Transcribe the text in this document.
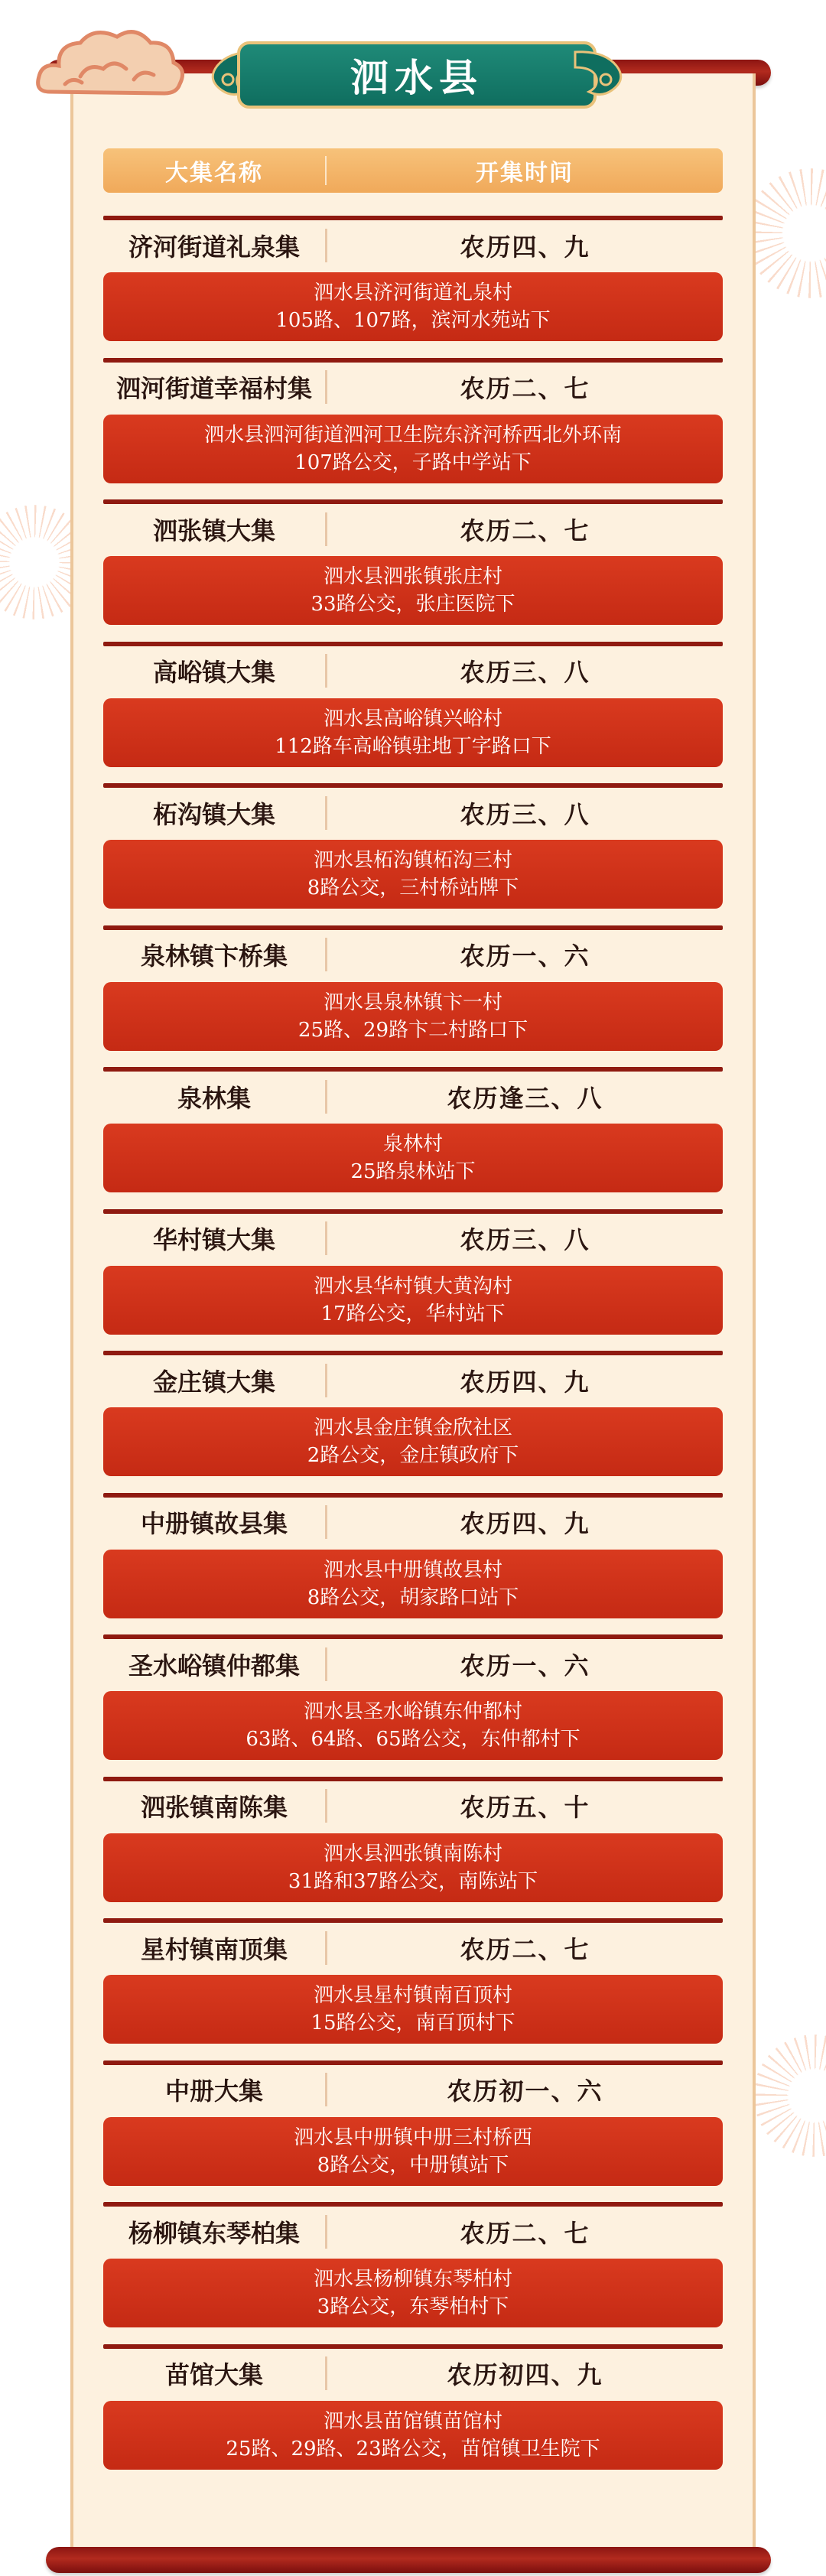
泗水县
大集名称	开集时间
济河街道礼泉集	农历四、九
泗水县济河街道礼泉村
105路、107路，滨河水苑站下
泗河街道幸福村集	农历二、七
泗水县泗河街道泗河卫生院东济河桥西北外环南
107路公交，子路中学站下
泗张镇大集	农历二、七
泗水县泗张镇张庄村
33路公交，张庄医院下
高峪镇大集	农历三、八
泗水县高峪镇兴峪村
112路车高峪镇驻地丁字路口下
柘沟镇大集	农历三、八
泗水县柘沟镇柘沟三村
8路公交，三村桥站牌下
泉林镇卞桥集	农历一、六
泗水县泉林镇卞一村
25路、29路卞二村路口下
泉林集	农历逢三、八
泉林村
25路泉林站下
华村镇大集	农历三、八
泗水县华村镇大黄沟村
17路公交，华村站下
金庄镇大集	农历四、九
泗水县金庄镇金欣社区
2路公交，金庄镇政府下
中册镇故县集	农历四、九
泗水县中册镇故县村
8路公交，胡家路口站下
圣水峪镇仲都集	农历一、六
泗水县圣水峪镇东仲都村
63路、64路、65路公交，东仲都村下
泗张镇南陈集	农历五、十
泗水县泗张镇南陈村
31路和37路公交，南陈站下
星村镇南顶集	农历二、七
泗水县星村镇南百顶村
15路公交，南百顶村下
中册大集	农历初一、六
泗水县中册镇中册三村桥西
8路公交，中册镇站下
杨柳镇东琴柏集	农历二、七
泗水县杨柳镇东琴柏村
3路公交，东琴柏村下
苗馆大集	农历初四、九
泗水县苗馆镇苗馆村
25路、29路、23路公交，苗馆镇卫生院下
